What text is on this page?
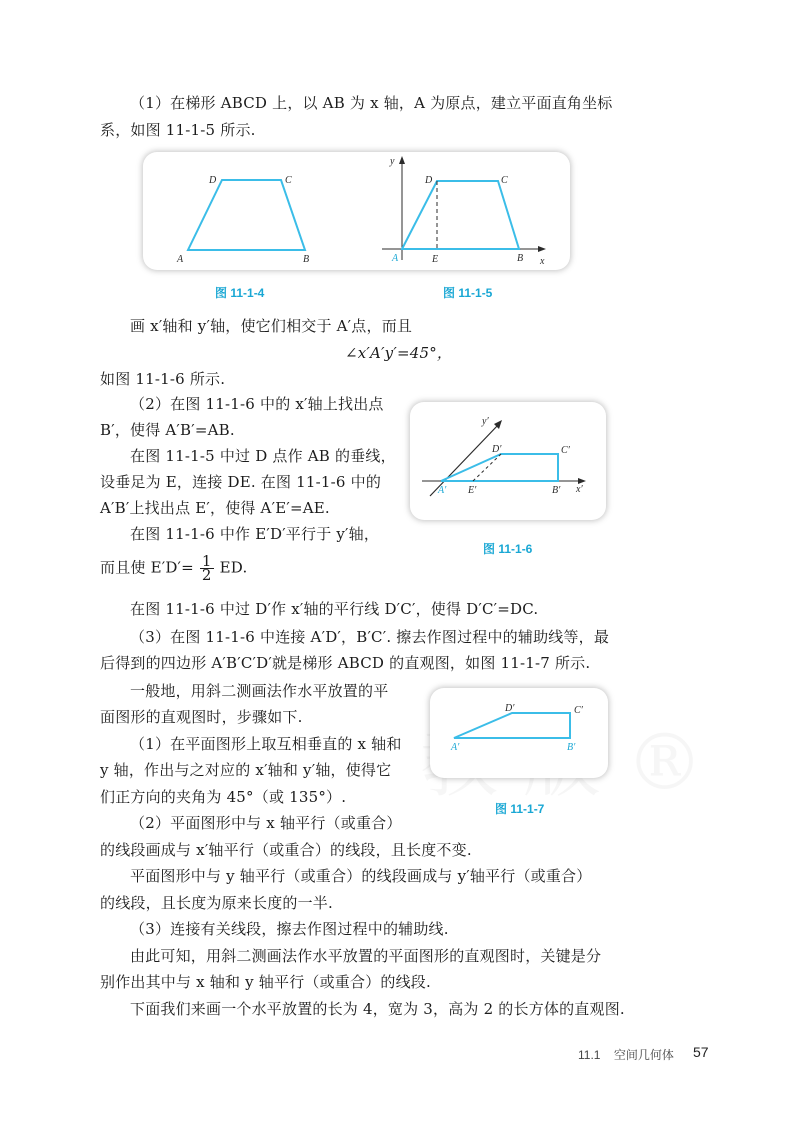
（1）在梯形 ABCD 上，以 AB 为 x 轴，A 为原点，建立平面直角坐标
系，如图 11-1-5 所示.
A	B
C
D
y
x
A	E	B
C
D
图 11-1-4	图 11-1-5
画 x′轴和 y′轴，使它们相交于 A′点，而且
∠x′A′y′=45°，
如图 11-1-6 所示.
（2）在图 11-1-6 中的 x′轴上找出点
B′，使得 A′B′=AB.
在图 11-1-5 中过 D 点作 AB 的垂线，
设垂足为 E，连接 DE. 在图 11-1-6 中的
A′B′上找出点 E′，使得 A′E′=AE.
在图 11-1-6 中作 E′D′平行于 y′轴，
而且使 $E'D'= \frac{1}{2}$ ED.
y′
x′
A′ E′	B′
C′
D′
图 11-1-6
在图 11-1-6 中过 D′作 x′轴的平行线 D′C′，使得 D′C′=DC.
（3）在图 11-1-6 中连接 A′D′，B′C′. 擦去作图过程中的辅助线等，最
后得到的四边形 A′B′C′D′就是梯形 ABCD 的直观图，如图 11-1-7 所示.
一般地，用斜二测画法作水平放置的平
面图形的直观图时，步骤如下.
（1）在平面图形上取互相垂直的 x 轴和
y 轴，作出与之对应的 x′轴和 y′轴，使得它
们正方向的夹角为 45°（或 135°）.
A′	B′
C′
D′
图 11-1-7
（2）平面图形中与 x 轴平行（或重合）
的线段画成与 x′轴平行（或重合）的线段，且长度不变.
平面图形中与 y 轴平行（或重合）的线段画成与 y′轴平行（或重合）
的线段，且长度为原来长度的一半.
（3）连接有关线段，擦去作图过程中的辅助线.
由此可知，用斜二测画法作水平放置的平面图形的直观图时，关键是分
别作出其中与 x 轴和 y 轴平行（或重合）的线段.
下面我们来画一个水平放置的长为 4，宽为 3，高为 2 的长方体的直观图.
11.1 空间几何体 57
